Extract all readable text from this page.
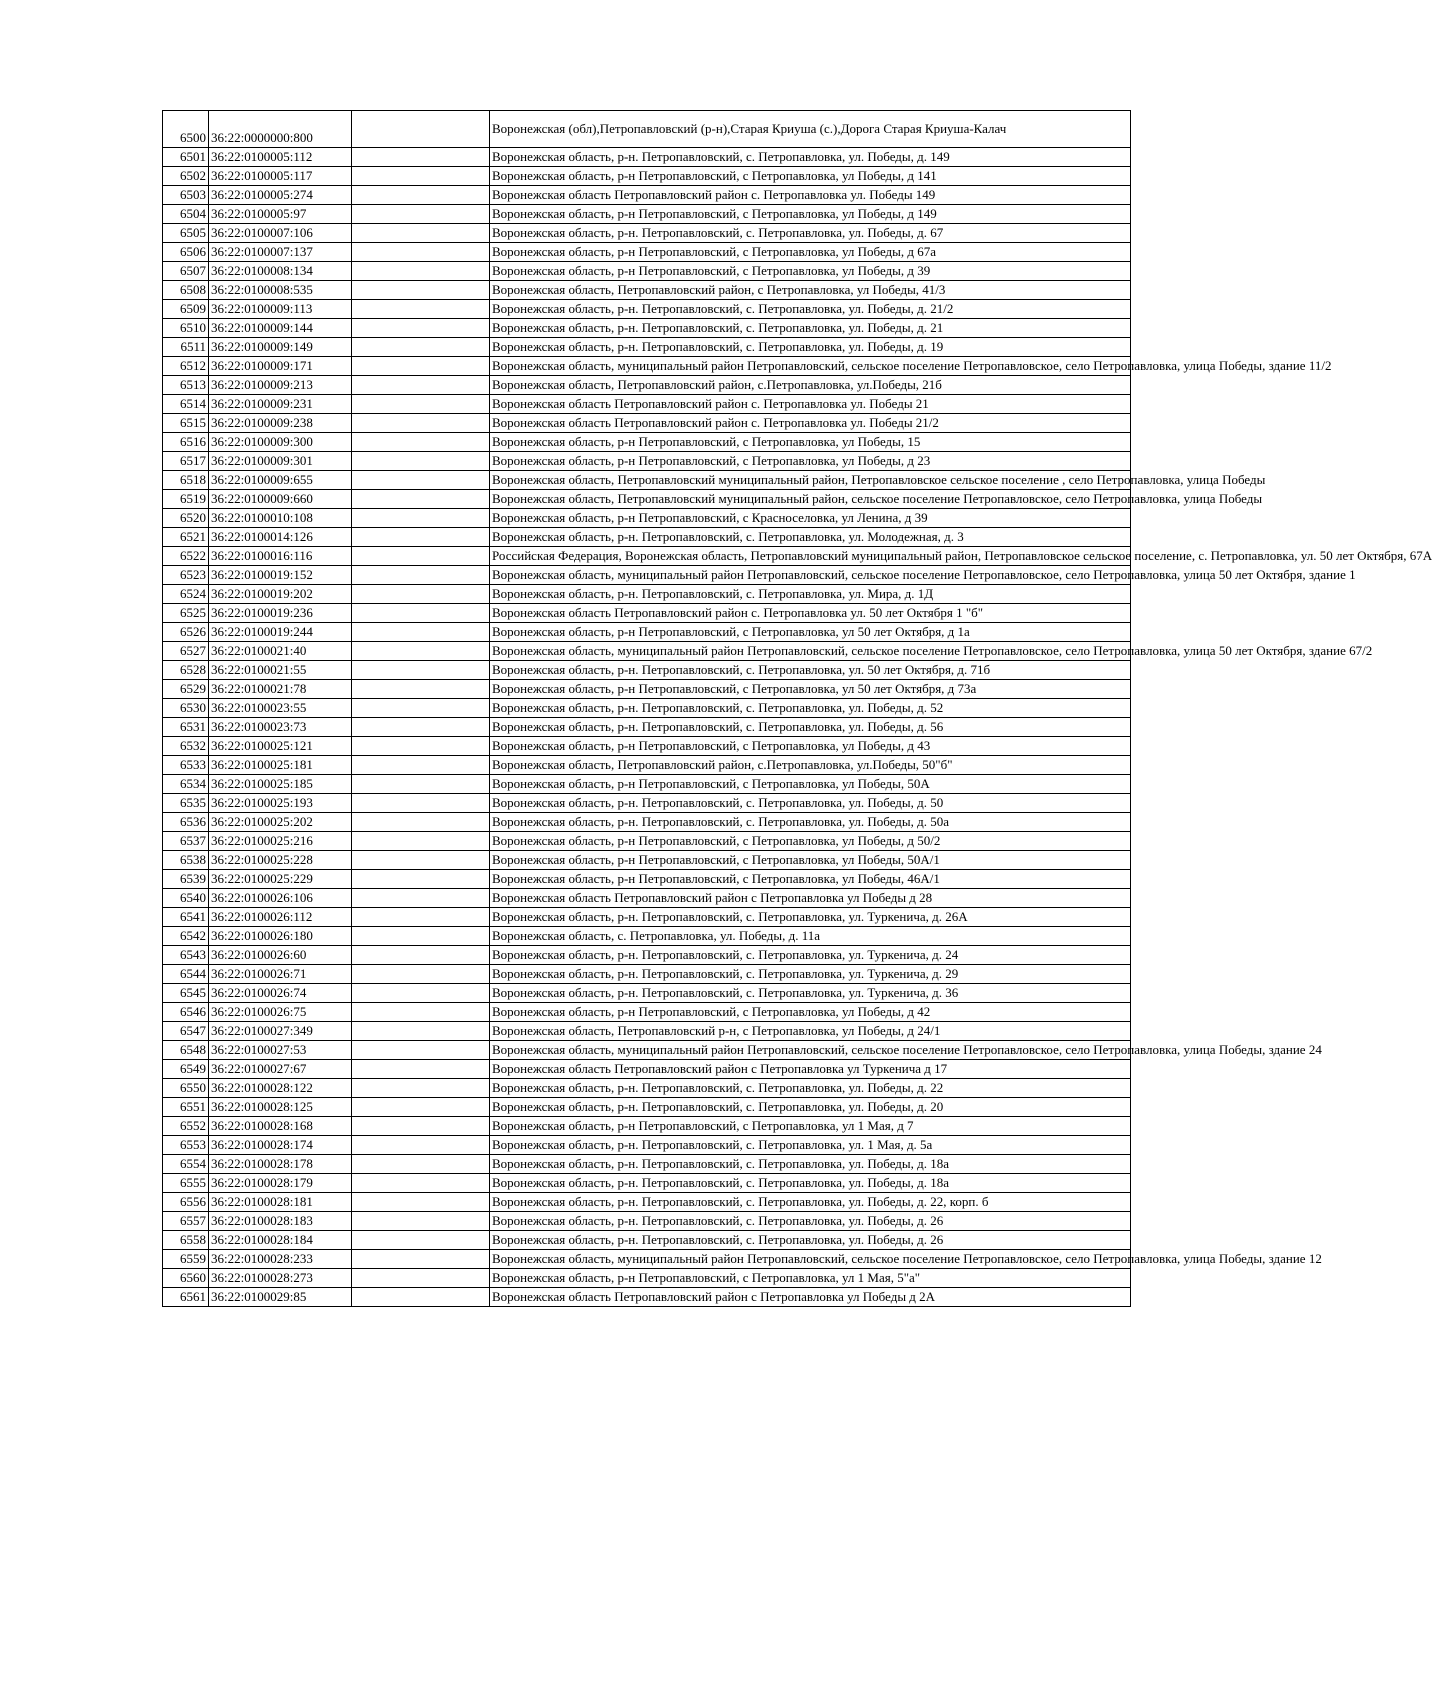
6500	36:22:0000000:800		Воронежская (обл),Петропавловский (р-н),Старая Криуша (с.),Дорога Старая Криуша-Калач
6501	36:22:0100005:112		Воронежская область, р-н. Петропавловский, с. Петропавловка, ул. Победы, д. 149
6502	36:22:0100005:117		Воронежская область, р-н Петропавловский, с Петропавловка, ул Победы, д 141
6503	36:22:0100005:274		Воронежская область Петропавловский район с. Петропавловка ул. Победы 149
6504	36:22:0100005:97		Воронежская область, р-н Петропавловский, с Петропавловка, ул Победы, д 149
6505	36:22:0100007:106		Воронежская область, р-н. Петропавловский, с. Петропавловка, ул. Победы, д. 67
6506	36:22:0100007:137		Воронежская область, р-н Петропавловский, с Петропавловка, ул Победы, д 67а
6507	36:22:0100008:134		Воронежская область, р-н Петропавловский, с Петропавловка, ул Победы, д 39
6508	36:22:0100008:535		Воронежская область, Петропавловский район, с Петропавловка, ул Победы, 41/3
6509	36:22:0100009:113		Воронежская область, р-н. Петропавловский, с. Петропавловка, ул. Победы, д. 21/2
6510	36:22:0100009:144		Воронежская область, р-н. Петропавловский, с. Петропавловка, ул. Победы, д. 21
6511	36:22:0100009:149		Воронежская область, р-н. Петропавловский, с. Петропавловка, ул. Победы, д. 19
6512	36:22:0100009:171		Воронежская область, муниципальный район Петропавловский, сельское поселение Петропавловское, село Петропавловка, улица Победы, здание 11/2
6513	36:22:0100009:213		Воронежская область, Петропавловский район, с.Петропавловка, ул.Победы, 21б
6514	36:22:0100009:231		Воронежская область Петропавловский район с. Петропавловка ул. Победы 21
6515	36:22:0100009:238		Воронежская область Петропавловский район с. Петропавловка ул. Победы 21/2
6516	36:22:0100009:300		Воронежская область, р-н Петропавловский, с Петропавловка, ул Победы, 15
6517	36:22:0100009:301		Воронежская область, р-н Петропавловский, с Петропавловка, ул Победы, д 23
6518	36:22:0100009:655		Воронежская область, Петропавловский муниципальный район, Петропавловское сельское поселение , село Петропавловка, улица Победы
6519	36:22:0100009:660		Воронежская область, Петропавловский муниципальный район, сельское поселение Петропавловское, село Петропавловка, улица Победы
6520	36:22:0100010:108		Воронежская область, р-н Петропавловский, с Красноселовка, ул Ленина, д 39
6521	36:22:0100014:126		Воронежская область, р-н. Петропавловский, с. Петропавловка, ул. Молодежная, д. 3
6522	36:22:0100016:116		Российская Федерация, Воронежская область, Петропавловский муниципальный район, Петропавловское сельское поселение, с. Петропавловка, ул. 50 лет Октября, 67А
6523	36:22:0100019:152		Воронежская область, муниципальный район Петропавловский, сельское поселение Петропавловское, село Петропавловка, улица 50 лет Октября, здание 1
6524	36:22:0100019:202		Воронежская область, р-н. Петропавловский, с. Петропавловка, ул. Мира, д. 1Д
6525	36:22:0100019:236		Воронежская область Петропавловский район с. Петропавловка ул. 50 лет Октября 1 "б"
6526	36:22:0100019:244		Воронежская область, р-н Петропавловский, с Петропавловка, ул 50 лет Октября, д 1а
6527	36:22:0100021:40		Воронежская область, муниципальный район Петропавловский, сельское поселение Петропавловское, село Петропавловка, улица 50 лет Октября, здание 67/2
6528	36:22:0100021:55		Воронежская область, р-н. Петропавловский, с. Петропавловка, ул. 50 лет Октября, д. 71б
6529	36:22:0100021:78		Воронежская область, р-н Петропавловский, с Петропавловка, ул 50 лет Октября, д 73а
6530	36:22:0100023:55		Воронежская область, р-н. Петропавловский, с. Петропавловка, ул. Победы, д. 52
6531	36:22:0100023:73		Воронежская область, р-н. Петропавловский, с. Петропавловка, ул. Победы, д. 56
6532	36:22:0100025:121		Воронежская область, р-н Петропавловский, с Петропавловка, ул Победы, д 43
6533	36:22:0100025:181		Воронежская область, Петропавловский район, с.Петропавловка, ул.Победы, 50"б"
6534	36:22:0100025:185		Воронежская область, р-н Петропавловский, с Петропавловка, ул Победы, 50А
6535	36:22:0100025:193		Воронежская область, р-н. Петропавловский, с. Петропавловка, ул. Победы, д. 50
6536	36:22:0100025:202		Воронежская область, р-н. Петропавловский, с. Петропавловка, ул. Победы, д. 50а
6537	36:22:0100025:216		Воронежская область, р-н Петропавловский, с Петропавловка, ул Победы, д 50/2
6538	36:22:0100025:228		Воронежская область, р-н Петропавловский, с Петропавловка, ул Победы, 50А/1
6539	36:22:0100025:229		Воронежская область, р-н Петропавловский, с Петропавловка, ул Победы, 46А/1
6540	36:22:0100026:106		Воронежская область Петропавловский район с Петропавловка ул Победы д 28
6541	36:22:0100026:112		Воронежская область, р-н. Петропавловский, с. Петропавловка, ул. Туркенича, д. 26А
6542	36:22:0100026:180		Воронежская область, с. Петропавловка, ул. Победы, д. 11а
6543	36:22:0100026:60		Воронежская область, р-н. Петропавловский, с. Петропавловка, ул. Туркенича, д. 24
6544	36:22:0100026:71		Воронежская область, р-н. Петропавловский, с. Петропавловка, ул. Туркенича, д. 29
6545	36:22:0100026:74		Воронежская область, р-н. Петропавловский, с. Петропавловка, ул. Туркенича, д. 36
6546	36:22:0100026:75		Воронежская область, р-н Петропавловский, с Петропавловка, ул Победы, д 42
6547	36:22:0100027:349		Воронежская область, Петропавловский р-н, с Петропавловка, ул Победы, д 24/1
6548	36:22:0100027:53		Воронежская область, муниципальный район Петропавловский, сельское поселение Петропавловское, село Петропавловка, улица Победы, здание 24
6549	36:22:0100027:67		Воронежская область Петропавловский район с Петропавловка ул Туркенича д 17
6550	36:22:0100028:122		Воронежская область, р-н. Петропавловский, с. Петропавловка, ул. Победы, д. 22
6551	36:22:0100028:125		Воронежская область, р-н. Петропавловский, с. Петропавловка, ул. Победы, д. 20
6552	36:22:0100028:168		Воронежская область, р-н Петропавловский, с Петропавловка, ул 1 Мая, д 7
6553	36:22:0100028:174		Воронежская область, р-н. Петропавловский, с. Петропавловка, ул. 1 Мая, д. 5а
6554	36:22:0100028:178		Воронежская область, р-н. Петропавловский, с. Петропавловка, ул. Победы, д. 18а
6555	36:22:0100028:179		Воронежская область, р-н. Петропавловский, с. Петропавловка, ул. Победы, д. 18а
6556	36:22:0100028:181		Воронежская область, р-н. Петропавловский, с. Петропавловка, ул. Победы, д. 22, корп. б
6557	36:22:0100028:183		Воронежская область, р-н. Петропавловский, с. Петропавловка, ул. Победы, д. 26
6558	36:22:0100028:184		Воронежская область, р-н. Петропавловский, с. Петропавловка, ул. Победы, д. 26
6559	36:22:0100028:233		Воронежская область, муниципальный район Петропавловский, сельское поселение Петропавловское, село Петропавловка, улица Победы, здание 12
6560	36:22:0100028:273		Воронежская область, р-н Петропавловский, с Петропавловка, ул 1 Мая, 5"а"
6561	36:22:0100029:85		Воронежская область Петропавловский район с Петропавловка ул Победы д 2А
